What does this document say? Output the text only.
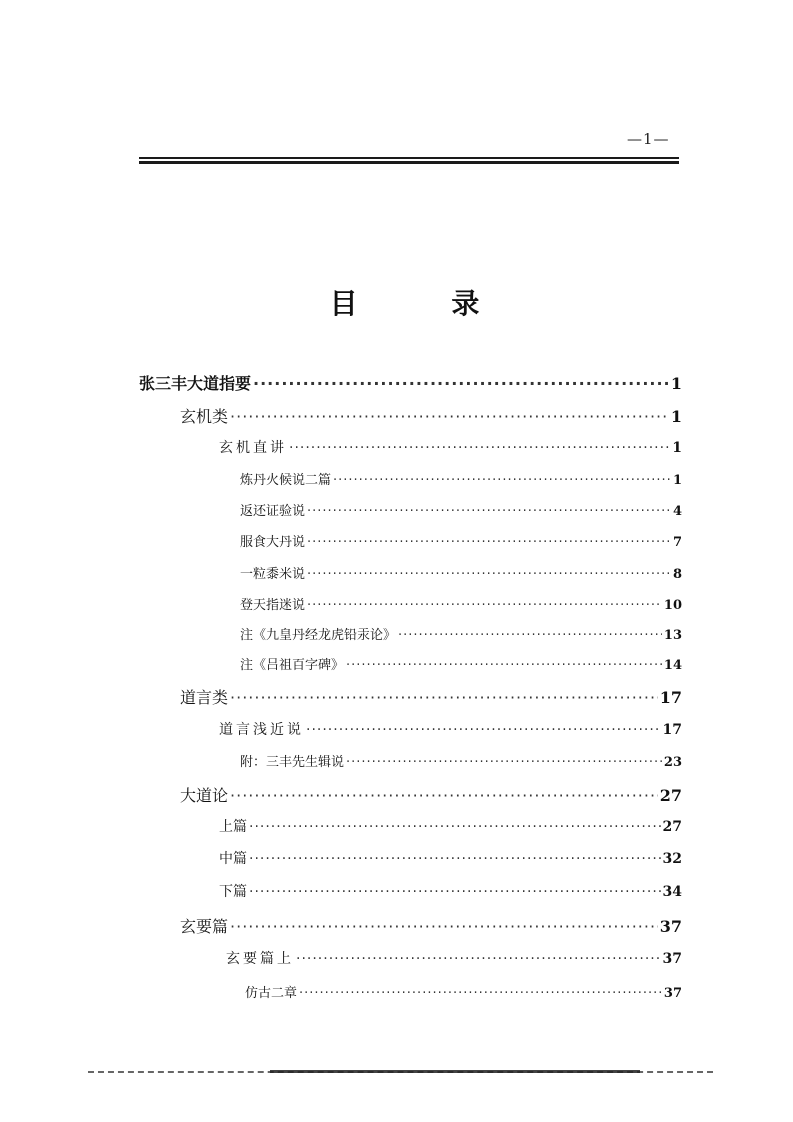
—1—
目 录
张三丰大道指要 ·····	1
玄机类 ·····	1
玄机直讲 ·····	1
炼丹火候说二篇 ·····	1
返还证验说 ·····	4
服食大丹说 ·····	7
一粒黍米说 ·····	8
登天指迷说 ·····	10
注《九皇丹经龙虎铅汞论》 ·····	13
注《吕祖百字碑》 ·····	14
道言类 ·····	17
道言浅近说 ·····	17
附：三丰先生辑说 ·····	23
大道论 ·····	27
上篇 ·····	27
中篇 ·····	32
下篇 ·····	34
玄要篇 ·····	37
玄要篇上 ·····	37
仿古二章 ·····	37
